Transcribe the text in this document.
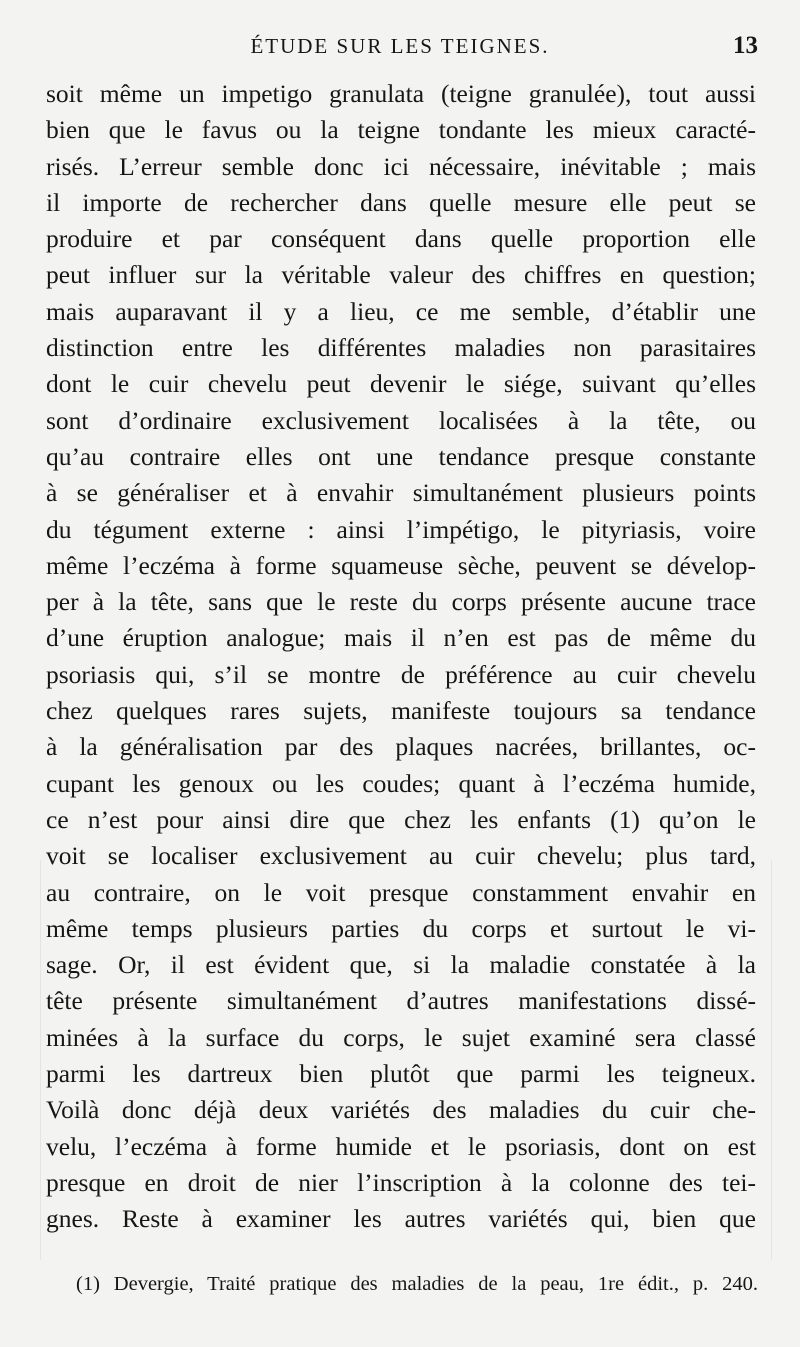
ÉTUDE SUR LES TEIGNES.	13
soit même un impetigo granulata (teigne granulée), tout aussi
bien que le favus ou la teigne tondante les mieux caracté-
risés. L’erreur semble donc ici nécessaire, inévitable ; mais
il importe de rechercher dans quelle mesure elle peut se
produire et par conséquent dans quelle proportion elle
peut influer sur la véritable valeur des chiffres en question;
mais auparavant il y a lieu, ce me semble, d’établir une
distinction entre les différentes maladies non parasitaires
dont le cuir chevelu peut devenir le siége, suivant qu’elles
sont d’ordinaire exclusivement localisées à la tête, ou
qu’au contraire elles ont une tendance presque constante
à se généraliser et à envahir simultanément plusieurs points
du tégument externe : ainsi l’impétigo, le pityriasis, voire
même l’eczéma à forme squameuse sèche, peuvent se dévelop-
per à la tête, sans que le reste du corps présente aucune trace
d’une éruption analogue; mais il n’en est pas de même du
psoriasis qui, s’il se montre de préférence au cuir chevelu
chez quelques rares sujets, manifeste toujours sa tendance
à la généralisation par des plaques nacrées, brillantes, oc-
cupant les genoux ou les coudes; quant à l’eczéma humide,
ce n’est pour ainsi dire que chez les enfants (1) qu’on le
voit se localiser exclusivement au cuir chevelu; plus tard,
au contraire, on le voit presque constamment envahir en
même temps plusieurs parties du corps et surtout le vi-
sage. Or, il est évident que, si la maladie constatée à la
tête présente simultanément d’autres manifestations dissé-
minées à la surface du corps, le sujet examiné sera classé
parmi les dartreux bien plutôt que parmi les teigneux.
Voilà donc déjà deux variétés des maladies du cuir che-
velu, l’eczéma à forme humide et le psoriasis, dont on est
presque en droit de nier l’inscription à la colonne des tei-
gnes. Reste à examiner les autres variétés qui, bien que
(1) Devergie, Traité pratique des maladies de la peau, 1re édit., p. 240.
